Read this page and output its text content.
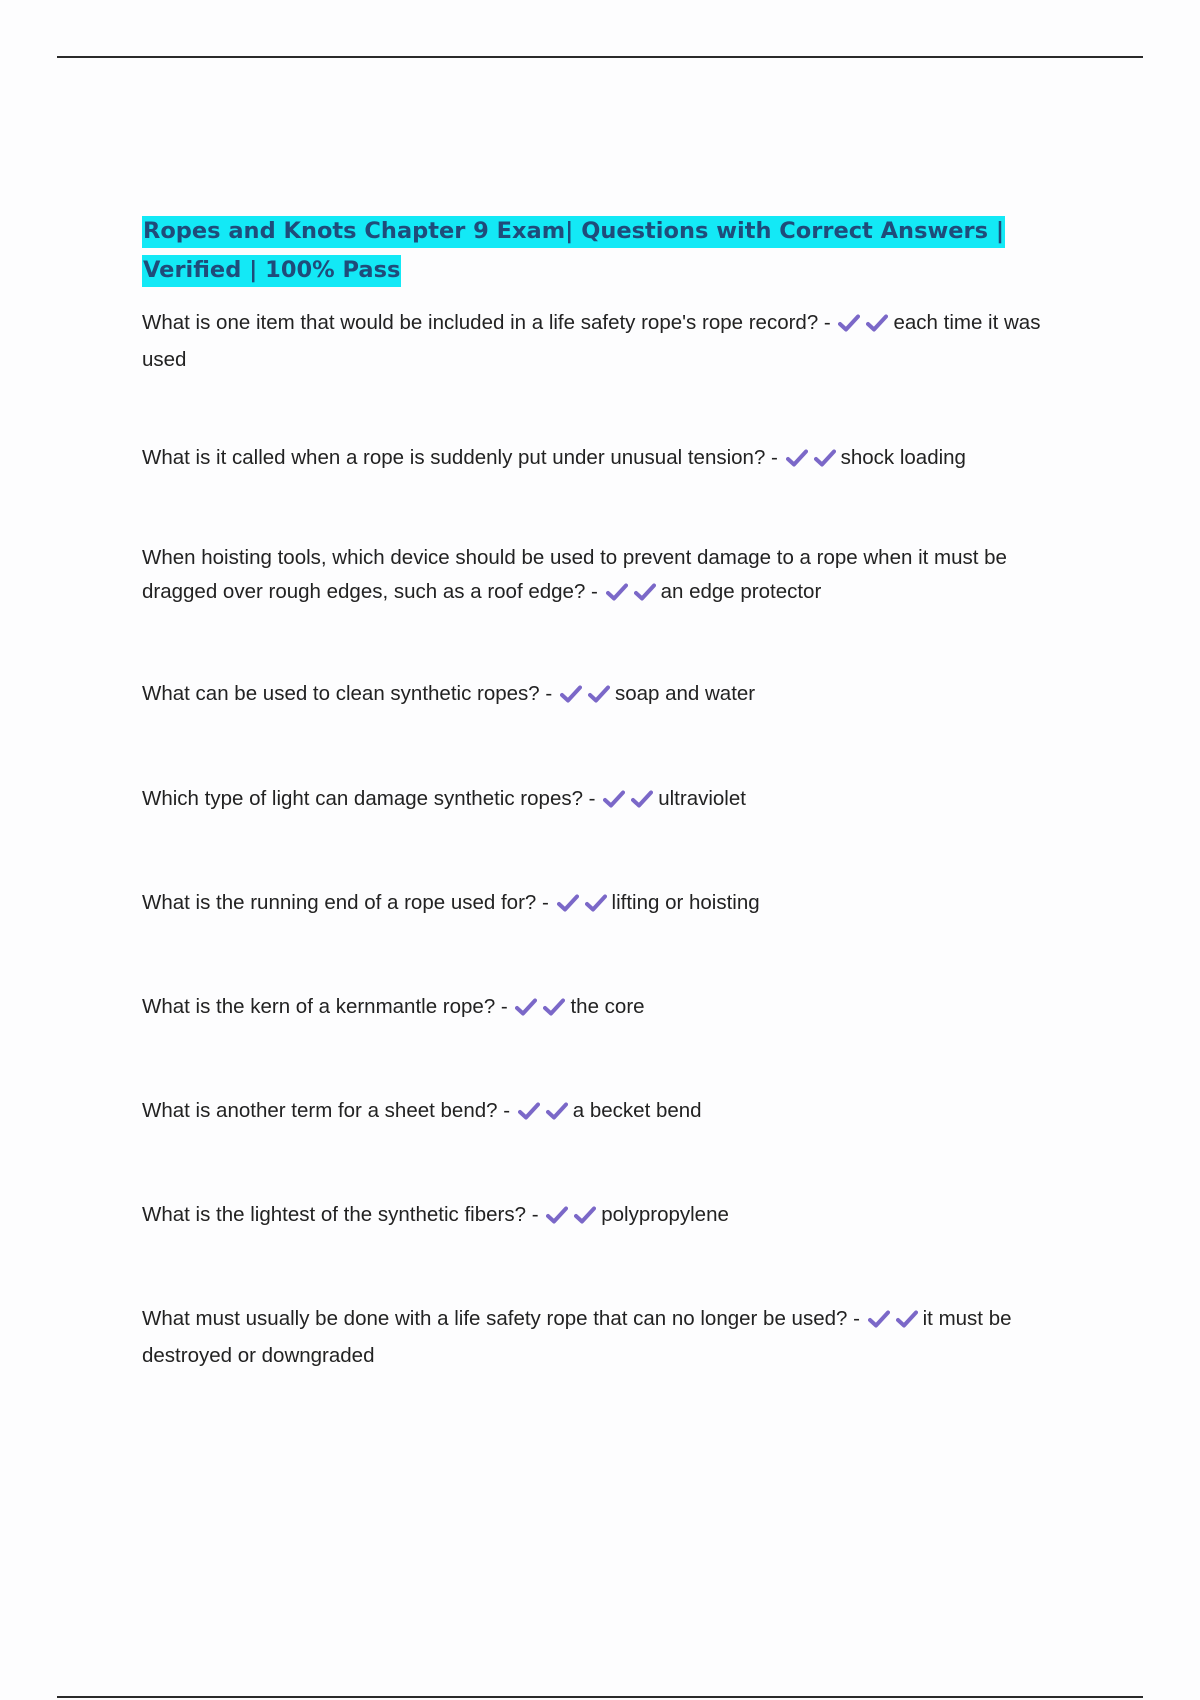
Ropes and Knots Chapter 9 Exam| Questions with Correct Answers | Verified | 100% Pass

What is one item that would be included in a life safety rope's rope record? -	each time it was used

What is it called when a rope is suddenly put under unusual tension? -	shock loading

When hoisting tools, which device should be used to prevent damage to a rope when it must be dragged over rough edges, such as a roof edge? -	an edge protector

What can be used to clean synthetic ropes? -	soap and water

Which type of light can damage synthetic ropes? -	ultraviolet

What is the running end of a rope used for? -	lifting or hoisting

What is the kern of a kernmantle rope? -	the core

What is another term for a sheet bend? -	a becket bend

What is the lightest of the synthetic fibers? -	polypropylene

What must usually be done with a life safety rope that can no longer be used? -	it must be destroyed or downgraded
